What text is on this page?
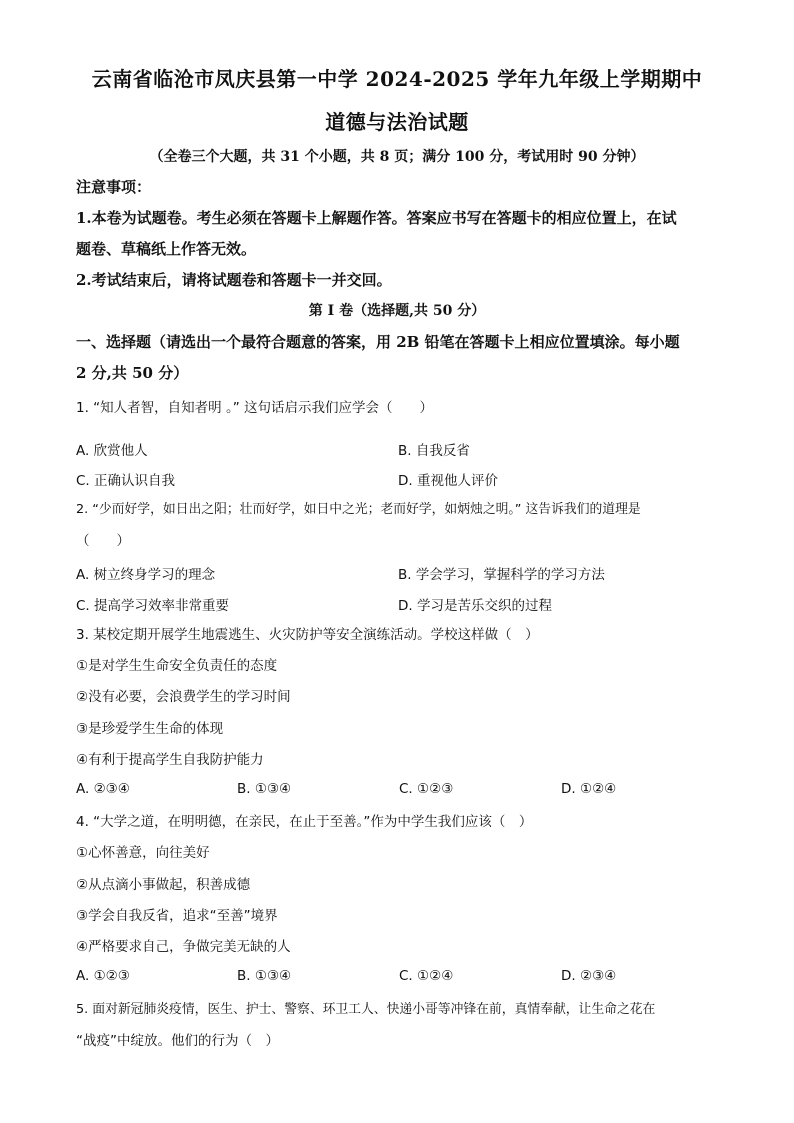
云南省临沧市凤庆县第一中学 2024-2025 学年九年级上学期期中
道德与法治试题
（全卷三个大题，共 31 个小题，共 8 页；满分 100 分，考试用时 90 分钟）
注意事项：
1.本卷为试题卷。考生必须在答题卡上解题作答。答案应书写在答题卡的相应位置上，在试
题卷、草稿纸上作答无效。
2.考试结束后，请将试题卷和答题卡一并交回。
第 I 卷（选择题,共 50 分）
一、选择题（请选出一个最符合题意的答案，用 2B 铅笔在答题卡上相应位置填涂。每小题
2 分,共 50 分）
1. “知人者智，自知者明 。” 这句话启示我们应学会（　　）
A. 欣赏他人	B. 自我反省
C. 正确认识自我	D. 重视他人评价
2. “少而好学，如日出之阳；壮而好学，如日中之光；老而好学，如炳烛之明。” 这告诉我们的道理是
（　　）
A. 树立终身学习的理念	B. 学会学习，掌握科学的学习方法
C. 提高学习效率非常重要	D. 学习是苦乐交织的过程
3. 某校定期开展学生地震逃生、火灾防护等安全演练活动。学校这样做（　）
①是对学生生命安全负责任的态度
②没有必要，会浪费学生的学习时间
③是珍爱学生生命的体现
④有利于提高学生自我防护能力
A. ②③④	B. ①③④	C. ①②③	D. ①②④
4. “大学之道，在明明德，在亲民，在止于至善。”作为中学生我们应该（　）
①心怀善意，向往美好
②从点滴小事做起，积善成德
③学会自我反省，追求“至善”境界
④严格要求自己，争做完美无缺的人
A. ①②③	B. ①③④	C. ①②④	D. ②③④
5. 面对新冠肺炎疫情，医生、护士、警察、环卫工人、快递小哥等冲锋在前，真情奉献，让生命之花在
“战疫”中绽放。他们的行为（　）
